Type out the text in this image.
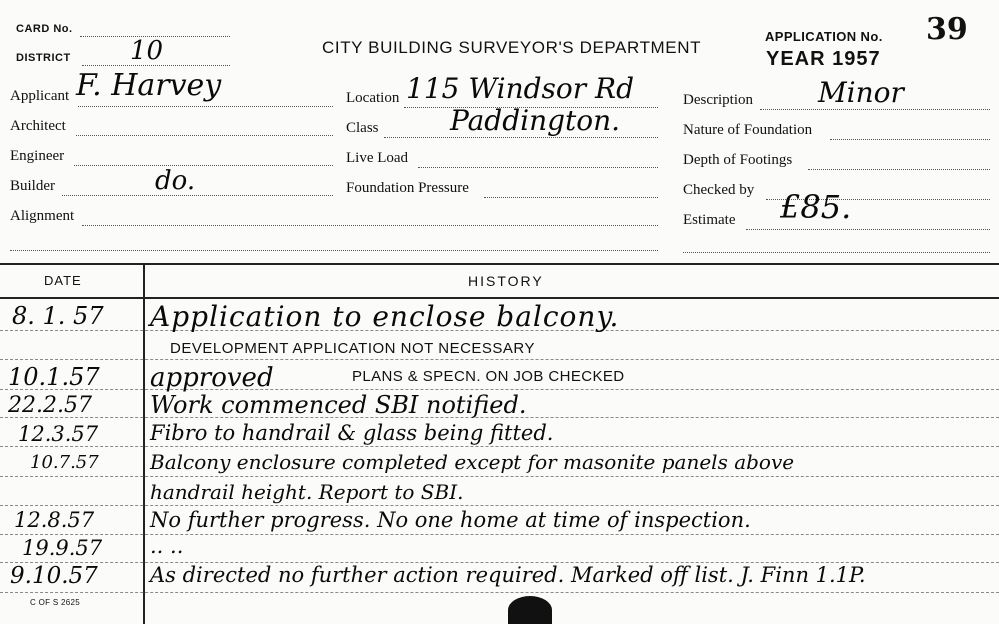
CARD No.
DISTRICT 10	CITY BUILDING SURVEYOR'S DEPARTMENT
APPLICATION No. 39
YEAR 1957
Applicant F. Harvey
Architect
Engineer
Builder	do.
Alignment
Location 115 Windsor Rd
Class	Paddington.
Live Load
Foundation Pressure
Description Minor
Nature of Foundation
Depth of Footings
Checked by
Estimate £85.
DATE	HISTORY
8. 1. 57 Application to enclose balcony.
DEVELOPMENT APPLICATION NOT NECESSARY
10.1.57 approved	PLANS & SPECN. ON JOB CHECKED
22.2.57 Work commenced SBI notified.
12.3.57 Fibro to handrail & glass being fitted.
10.7.57	Balcony enclosure completed except for masonite panels above
handrail height. Report to SBI.
12.8.57	No further progress. No one home at time of inspection.
19.9.57 .. ..
9.10.57 As directed no further action required. Marked off list. J. Finn 1.1P.
C OF S 2625
